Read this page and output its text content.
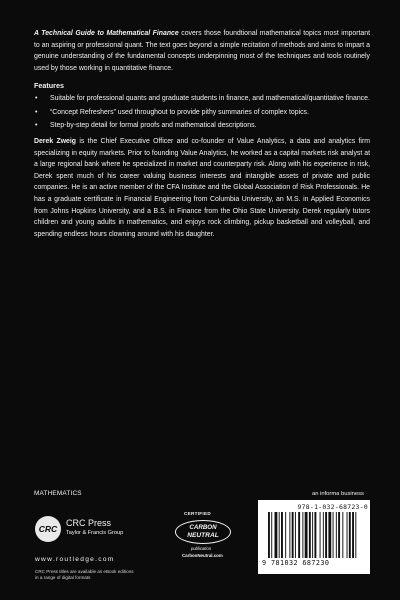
A Technical Guide to Mathematical Finance covers those foundtional mathematical topics most important to an aspiring or professional quant. The text goes beyond a simple recitation of methods and aims to impart a genuine understanding of the fundamental concepts underpinning most of the techniques and tools routinely used by those working in quantitative finance.

Features
• Suitable for professional quants and graduate students in finance, and mathematical/quantitative finance.
• “Concept Refreshers” used throughout to provide pithy summaries of complex topics.
• Step-by-step detail for formal proofs and mathematical descriptions.

Derek Zweig is the Chief Executive Officer and co-founder of Value Analytics, a data and analytics firm specializing in equity markets. Prior to founding Value Analytics, he worked as a capital markets risk analyst at a large regional bank where he specialized in market and counterparty risk. Along with his experience in risk, Derek spent much of his career valuing business interests and intangible assets of private and public companies. He is an active member of the CFA Institute and the Global Association of Risk Professionals. He has a graduate certificate in Financial Engineering from Columbia University, an M.S. in Applied Economics from Johns Hopkins University, and a B.S. in Finance from the Ohio State University. Derek regularly tutors children and young adults in mathematics, and enjoys rock climbing, pickup basketball and volleyball, and spending endless hours clowning around with his daughter.

MATHEMATICS
CRC
CRC Press
Taylor & Francis Group
www.routledge.com
CRC Press titles are available as eBook editions
in a range of digital formats
CERTIFIED
CARBON
NEUTRAL
publication
CarbonNeutral.com
an informa business
978-1-032-68723-0
9 781032 687230
